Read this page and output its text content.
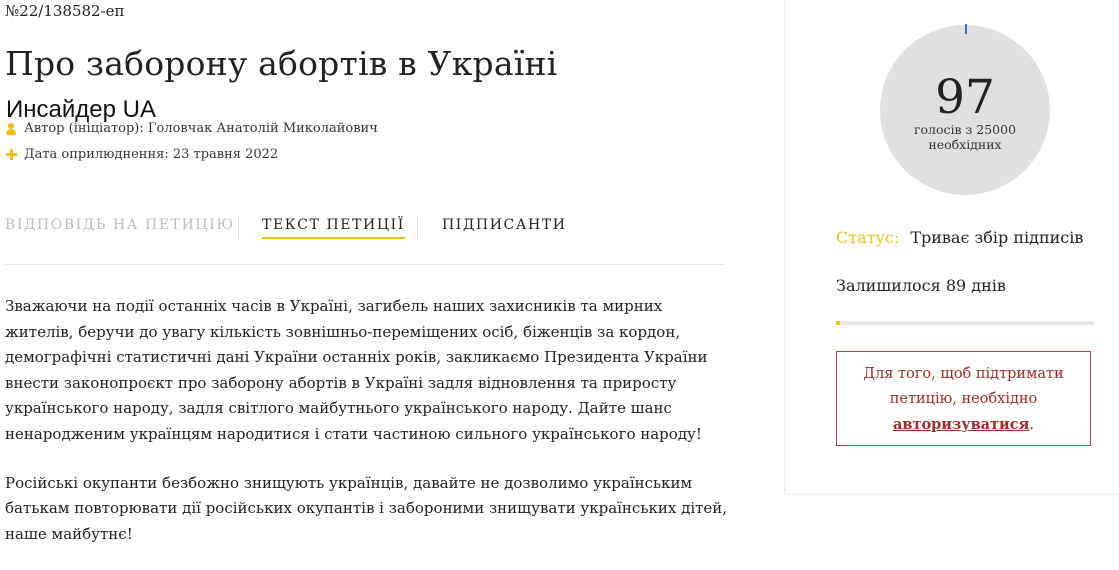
№22/138582-еп
Про заборону абортів в Україні
Инсайдер UA
Автор (ініціатор): Головчак Анатолій Миколайович
Дата оприлюднення: 23 травня 2022
ВІДПОВІДЬ НА ПЕТИЦІЮ ТЕКСТ ПЕТИЦІЇ	ПІДПИСАНТИ

Зважаючи на події останніх часів в Україні, загибель наших захисників та мирних жителів, беручи до увагу кількість зовнішньо-переміщених осіб, біженців за кордон, демографічні статистичні дані України останніх років, закликаємо Президента України внести законопроєкт про заборону абортів в Україні задля відновлення та приросту українського народу, задля світлого майбутнього українського народу. Дайте шанс ненародженим українцям народитися і стати частиною сильного українського народу!

Російські окупанти безбожно знищують українців, давайте не дозволимо українським батькам повторювати дії російських окупантів і забороними знищувати українських дітей, наше майбутнє!

97
голосів з 25000 необхідних
Статус: Триває збір підписів
Залишилося 89 днів
Для того, щоб підтримати петицію, необхідно
авторизуватися.
